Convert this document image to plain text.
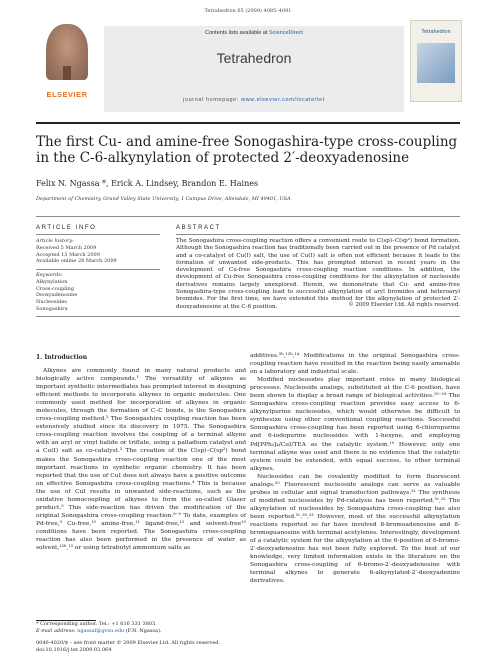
Tetrahedron 65 (2009) 4085–4091
ELSEVIER
Contents lists available at ScienceDirect
Tetrahedron
journal homepage: www.elsevier.com/locate/tet
Tetrahedron
The first Cu- and amine-free Sonogashira-type cross-coupling
in the C-6-alkynylation of protected 2′-deoxyadenosine
Felix N. Ngassa *, Erick A. Lindsey, Brandon E. Haines
Department of Chemistry, Grand Valley State University, 1 Campus Drive, Allendale, MI 49401, USA
ARTICLE INFO
Article history:
Received 5 March 2009
Accepted 13 March 2009
Available online 28 March 2009
Keywords:
Alkynylation
Cross-coupling
Deoxyadenosine
Nucleosides
Sonogashira
ABSTRACT
The Sonogashira cross-coupling reaction offers a convenient route to C(sp)–C(sp²) bond formation. Although the Sonogashira reaction has traditionally been carried out in the presence of Pd catalyst and a co-catalyst of Cu(I) salt, the use of Cu(I) salt is often not efficient because it leads to the formation of unwanted side-products. This has prompted interest in recent years in the development of Cu-free Sonogashira cross-coupling reaction conditions. In addition, the development of Cu-free Sonogashira cross-coupling conditions for the alkynylation of nucleoside derivatives remains largely unexplored. Herein, we demonstrate that Cu- and amine-free Sonogashira-type cross-coupling lead to successful alkynylation of aryl bromides and heteroaryl bromides. For the first time, we have extended this method for the alkynylation of protected 2′-deoxyadenosine at the C-6 position.	© 2009 Elsevier Ltd. All rights reserved.
1. Introduction

Alkynes are commonly found in many natural products and biologically active compounds.¹ The versatility of alkynes as important synthetic intermediates has prompted interest in designing efficient methods to incorporate alkynes in organic molecules. One commonly used method for incorporation of alkynes in organic molecules, through the formation of C–C bonds, is the Sonogashira cross-coupling method.² The Sonogashira coupling reaction has been extensively studied since its discovery in 1975. The Sonogashira cross-coupling reaction involves the coupling of a terminal alkyne with an aryl or vinyl halide or triflate, using a palladium catalyst and a Cu(I) salt as co-catalyst.³ The creation of the C(sp)–C(sp²) bond makes the Sonogashira cross-coupling reaction one of the most important reactions in synthetic organic chemistry. It has been reported that the use of CuI does not always have a positive outcome on effective Sonogashira cross-coupling reactions.⁴ This is because the use of CuI results in unwanted side-reactions, such as the oxidative homocoupling of alkynes to form the so-called Glaser product.⁵ This side-reaction has driven the modification of the original Sonogashira cross-coupling reaction.⁶⁻⁹ To date, examples of Pd-free,⁹ Cu-free,¹⁰ amine-free,¹¹ ligand-free,¹² and solvent-free¹⁰ conditions have been reported. The Sonogashira cross-coupling reaction has also been performed in the presence of water as solvent,¹²ᵇ,¹³ or using tetrabutyl ammonium salts as

additives.⁵ᵇ,¹²ᵇ,¹⁴ Modifications in the original Sonogashira cross-coupling reaction have resulted in the reaction being easily amenable on a laboratory and industrial scale.

Modified nucleosides play important roles in many biological processes. Nucleoside analogs, substituted at the C-6 position, have been shown to display a broad range of biological activities.¹⁵⁻¹⁸ The Sonogashira cross-coupling reaction provides easy access to 6-alkynylpurine nucleosides, which would otherwise be difficult to synthesize using other conventional coupling reactions. Successful Sonogashira cross-coupling has been reported using 6-chloropurine and 6-iodopurine nucleosides with 1-hexyne, and employing Pd[PPh₃]₄/CuI/TEA as the catalytic system.¹⁹ However, only one terminal alkyne was used and there is no evidence that the catalytic system could be extended, with equal success, to other terminal alkynes.

Nucleosides can be covalently modified to form fluorescent analogs.²⁰ Fluorescent nucleoside analogs can serve as valuable probes in cellular and signal transduction pathways.²¹ The synthesis of modified nucleosides by Pd-catalysis has been reported.⁵ᶜ,²² The alkynylation of nucleosides by Sonogashira cross-coupling has also been reported.⁵ᶜ,²⁰,²³ However, most of the successful alkynylation reactions reported so far have involved 8-bromoadenosine and 8-bromoguanosine with terminal acetylenes. Interestingly, development of a catalytic system for the alkynylation at the 6-position of 6-bromo-2′-deoxyadenosine has not been fully explored. To the best of our knowledge, very limited information exists in the literature on the Sonogashira cross-coupling of 6-bromo-2′-deoxyadenosine with terminal alkynes to generate 6-alkynylated-2′-deoxyadenine derivatives.

* Corresponding author. Tel.: +1 616 331 3803.
E-mail address: ngassaf@gvsu.edu (F.N. Ngassa).
0040-4020/$ – see front matter © 2009 Elsevier Ltd. All rights reserved.
doi:10.1016/j.tet.2009.03.064
